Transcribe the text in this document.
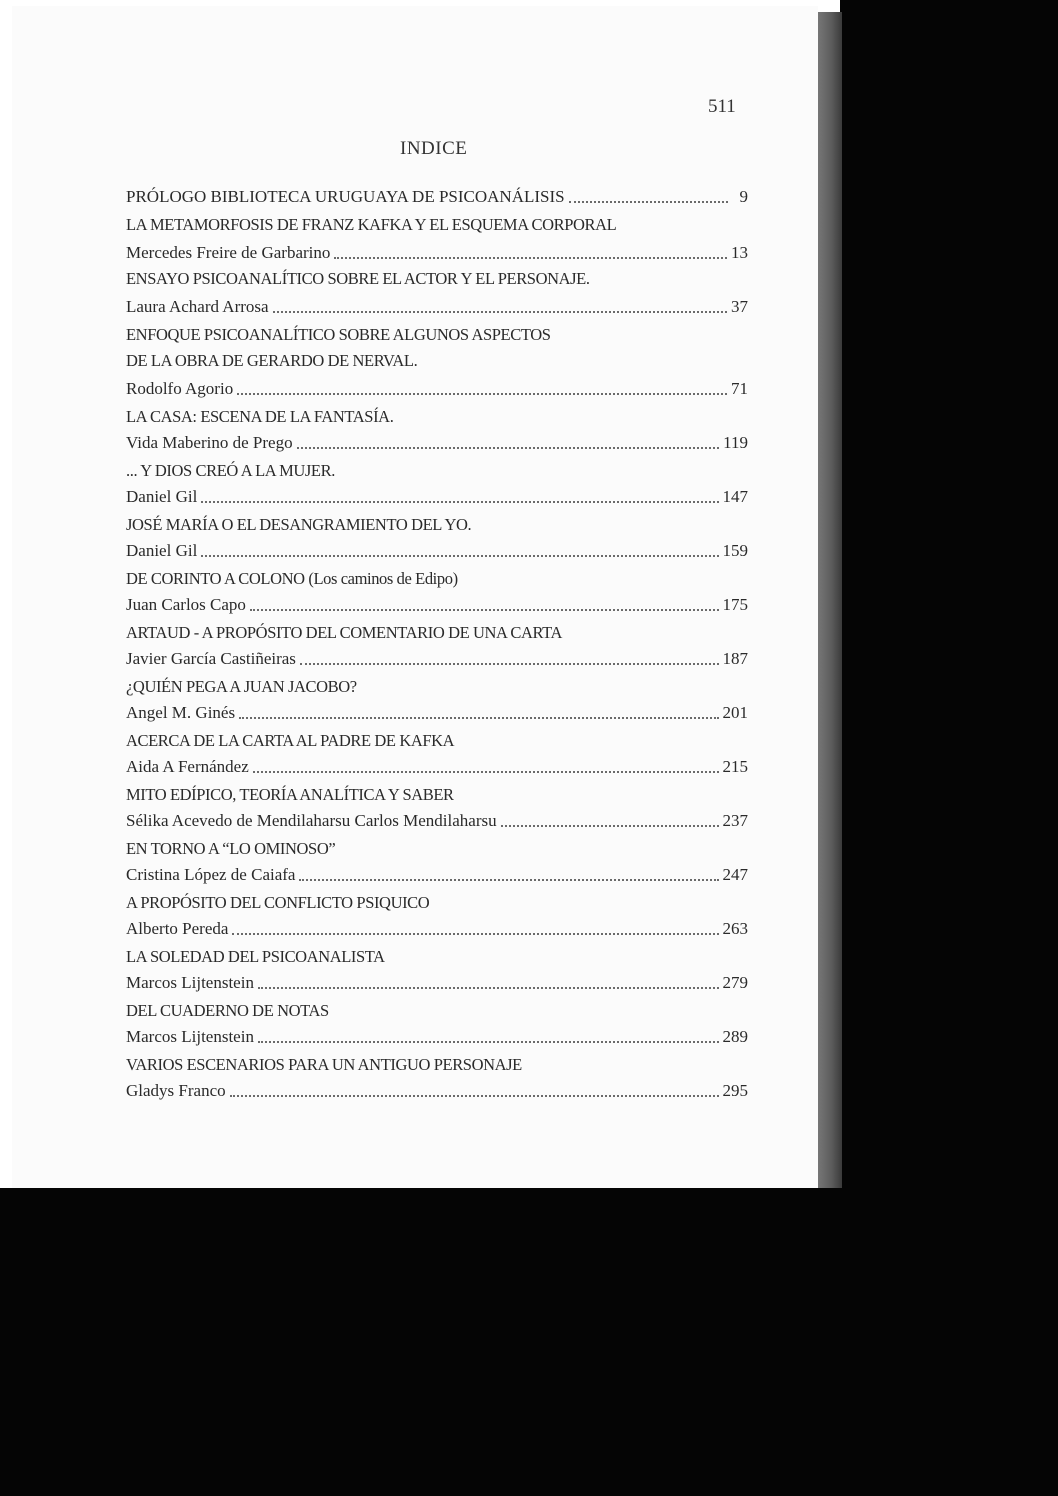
511
INDICE
PRÓLOGO BIBLIOTECA URUGUAYA DE PSICOANÁLISIS	9
LA METAMORFOSIS DE FRANZ KAFKA Y EL ESQUEMA CORPORAL
Mercedes Freire de Garbarino	13
ENSAYO PSICOANALÍTICO SOBRE EL ACTOR Y EL PERSONAJE.
Laura Achard Arrosa	37
ENFOQUE PSICOANALÍTICO SOBRE ALGUNOS ASPECTOS
DE LA OBRA DE GERARDO DE NERVAL.
Rodolfo Agorio	71
LA CASA: ESCENA DE LA FANTASÍA.
Vida Maberino de Prego	119
... Y DIOS CREÓ A LA MUJER.
Daniel Gil	147
JOSÉ MARÍA O EL DESANGRAMIENTO DEL YO.
Daniel Gil	159
DE CORINTO A COLONO (Los caminos de Edipo)
Juan Carlos Capo	175
ARTAUD - A PROPÓSITO DEL COMENTARIO DE UNA CARTA
Javier García Castiñeiras	187
¿QUIÉN PEGA A JUAN JACOBO?
Angel M. Ginés	201
ACERCA DE LA CARTA AL PADRE DE KAFKA
Aida A Fernández	215
MITO EDÍPICO, TEORÍA ANALÍTICA Y SABER
Sélika Acevedo de Mendilaharsu Carlos Mendilaharsu	237
EN TORNO A “LO OMINOSO”
Cristina López de Caiafa	247
A PROPÓSITO DEL CONFLICTO PSIQUICO
Alberto Pereda	263
LA SOLEDAD DEL PSICOANALISTA
Marcos Lijtenstein	279
DEL CUADERNO DE NOTAS
Marcos Lijtenstein	289
VARIOS ESCENARIOS PARA UN ANTIGUO PERSONAJE
Gladys Franco	295
